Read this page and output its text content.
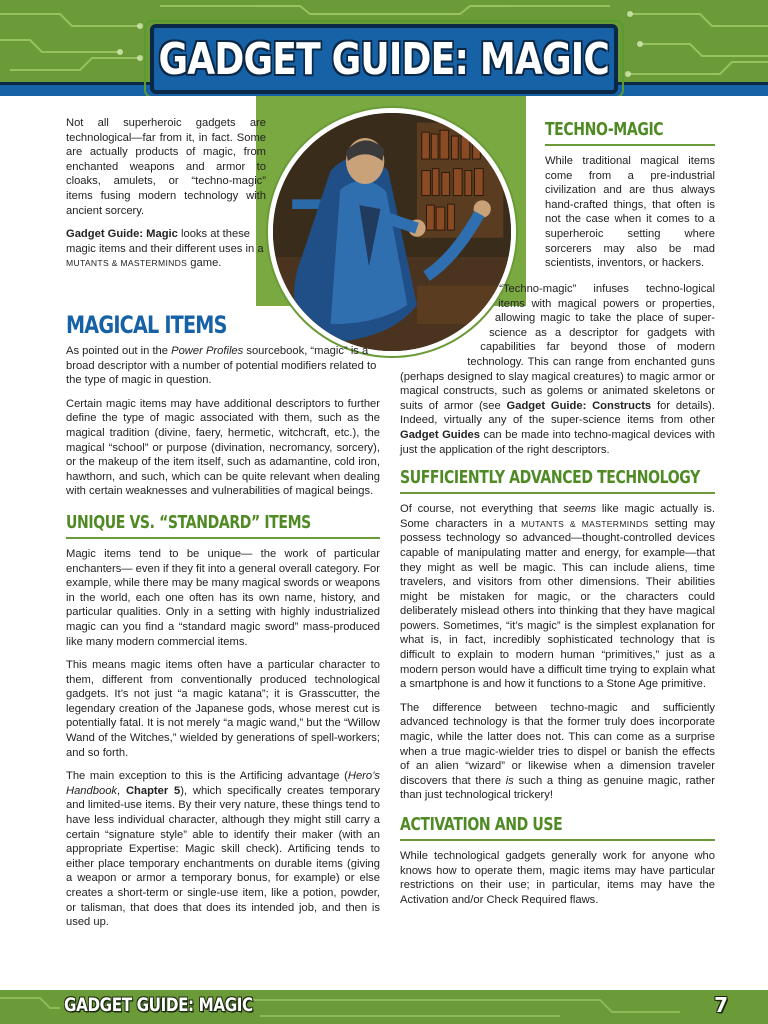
GADGET GUIDE: MAGIC

Not all superheroic gadgets are technological—far from it, in fact. Some are actually products of magic, from enchanted weapons and armor to cloaks, amulets, or “techno-magic” items fusing modern technology with ancient sorcery.

Gadget Guide: Magic looks at these magic items and their different uses in a MUTANTS & MASTERMINDS game.

MAGICAL ITEMS

As pointed out in the Power Profiles sourcebook, “magic” is a broad descriptor with a number of potential modifiers related to the type of magic in question.

Certain magic items may have additional descriptors to further define the type of magic associated with them, such as the magical tradition (divine, faery, hermetic, witchcraft, etc.), the magical “school” or purpose (divination, necromancy, sorcery), or the makeup of the item itself, such as adamantine, cold iron, hawthorn, and such, which can be quite relevant when dealing with certain weaknesses and vulnerabilities of magical beings.

UNIQUE VS. “STANDARD” ITEMS

Magic items tend to be unique— the work of particular enchanters— even if they fit into a general overall category. For example, while there may be many magical swords or weapons in the world, each one often has its own name, history, and particular qualities. Only in a setting with highly industrialized magic can you find a “standard magic sword” mass-produced like many modern commercial items.

This means magic items often have a particular character to them, different from conventionally produced technological gadgets. It’s not just “a magic katana”; it is Grasscutter, the legendary creation of the Japanese gods, whose merest cut is potentially fatal. It is not merely “a magic wand,” but the “Willow Wand of the Witches,” wielded by generations of spell-workers; and so forth.

The main exception to this is the Artificing advantage (Hero’s Handbook, Chapter 5), which specifically creates temporary and limited-use items. By their very nature, these things tend to have less individual character, although they might still carry a certain “signature style” able to identify their maker (with an appropriate Expertise: Magic skill check). Artificing tends to either place temporary enchantments on durable items (giving a weapon or armor a temporary bonus, for example) or else creates a short-term or single-use item, like a potion, powder, or talisman, that does that does its intended job, and then is used up.

TECHNO-MAGIC

While traditional magical items come from a pre-industrial civilization and are thus always hand-crafted things, that often is not the case when it comes to a superheroic setting where sorcerers may also be mad scientists, inventors, or hackers.

“Techno-magic” infuses techno-logical items with magical powers or properties, allowing magic to take the place of super-science as a descriptor for gadgets with capabilities far beyond those of modern technology. This can range from enchanted guns (perhaps designed to slay magical creatures) to magic armor or magical constructs, such as golems or animated skeletons or suits of armor (see Gadget Guide: Constructs for details). Indeed, virtually any of the super-science items from other Gadget Guides can be made into techno-magical devices with just the application of the right descriptors.

SUFFICIENTLY ADVANCED TECHNOLOGY

Of course, not everything that seems like magic actually is. Some characters in a MUTANTS & MASTERMINDS setting may possess technology so advanced—thought-controlled devices capable of manipulating matter and energy, for example—that they might as well be magic. This can include aliens, time travelers, and visitors from other dimensions. Their abilities might be mistaken for magic, or the characters could deliberately mislead others into thinking that they have magical powers. Sometimes, “it’s magic” is the simplest explanation for what is, in fact, incredibly sophisticated technology that is difficult to explain to modern human “primitives,” just as a modern person would have a difficult time trying to explain what a smartphone is and how it functions to a Stone Age primitive.

The difference between techno-magic and sufficiently advanced technology is that the former truly does incorporate magic, while the latter does not. This can come as a surprise when a true magic-wielder tries to dispel or banish the effects of an alien “wizard” or likewise when a dimension traveler discovers that there is such a thing as genuine magic, rather than just technological trickery!

ACTIVATION AND USE

While technological gadgets generally work for anyone who knows how to operate them, magic items may have particular restrictions on their use; in particular, items may have the Activation and/or Check Required flaws.

GADGET GUIDE: MAGIC	7
